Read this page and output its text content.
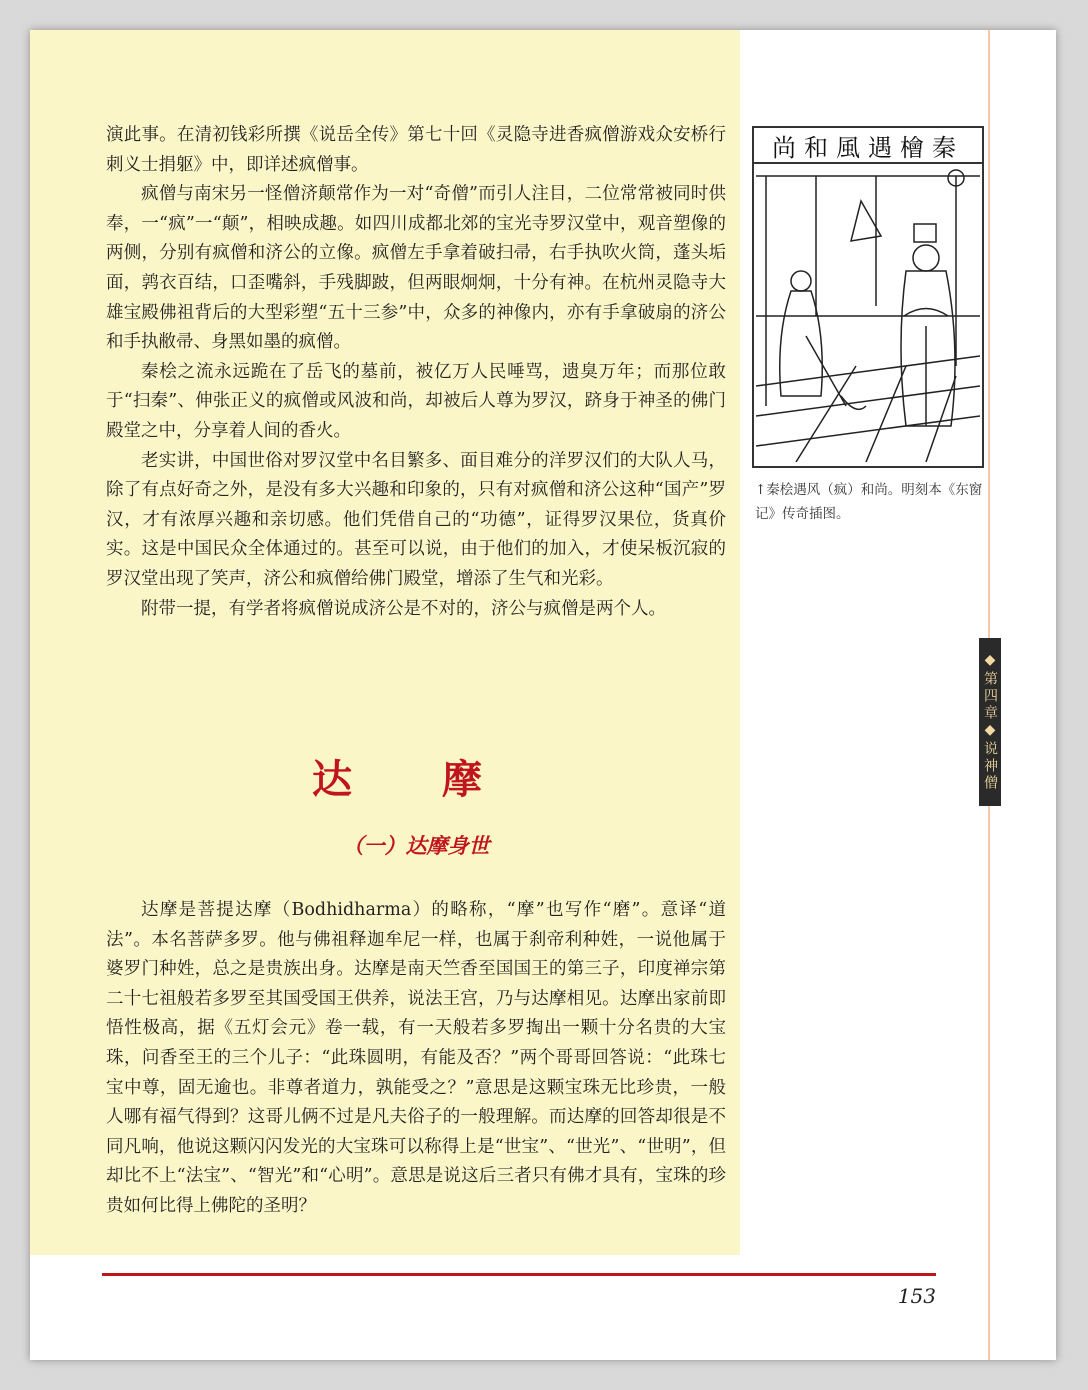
演此事。在清初钱彩所撰《说岳全传》第七十回《灵隐寺进香疯僧游戏众安桥行刺义士捐躯》中，即详述疯僧事。

疯僧与南宋另一怪僧济颠常作为一对“奇僧”而引人注目，二位常常被同时供奉，一“疯”一“颠”，相映成趣。如四川成都北郊的宝光寺罗汉堂中，观音塑像的两侧，分别有疯僧和济公的立像。疯僧左手拿着破扫帚，右手执吹火筒，蓬头垢面，鹑衣百结，口歪嘴斜，手残脚跛，但两眼炯炯，十分有神。在杭州灵隐寺大雄宝殿佛祖背后的大型彩塑“五十三参”中，众多的神像内，亦有手拿破扇的济公和手执敝帚、身黑如墨的疯僧。

秦桧之流永远跪在了岳飞的墓前，被亿万人民唾骂，遗臭万年；而那位敢于“扫秦”、伸张正义的疯僧或风波和尚，却被后人尊为罗汉，跻身于神圣的佛门殿堂之中，分享着人间的香火。

老实讲，中国世俗对罗汉堂中名目繁多、面目难分的洋罗汉们的大队人马，除了有点好奇之外，是没有多大兴趣和印象的，只有对疯僧和济公这种“国产”罗汉，才有浓厚兴趣和亲切感。他们凭借自己的“功德”，证得罗汉果位，货真价实。这是中国民众全体通过的。甚至可以说，由于他们的加入，才使呆板沉寂的罗汉堂出现了笑声，济公和疯僧给佛门殿堂，增添了生气和光彩。

附带一提，有学者将疯僧说成济公是不对的，济公与疯僧是两个人。

达 摩
（一）达摩身世

达摩是菩提达摩（Bodhidharma）的略称，“摩”也写作“磨”。意译“道法”。本名菩萨多罗。他与佛祖释迦牟尼一样，也属于刹帝利种姓，一说他属于婆罗门种姓，总之是贵族出身。达摩是南天竺香至国国王的第三子，印度禅宗第二十七祖般若多罗至其国受国王供养，说法王宫，乃与达摩相见。达摩出家前即悟性极高，据《五灯会元》卷一载，有一天般若多罗掏出一颗十分名贵的大宝珠，问香至王的三个儿子：“此珠圆明，有能及否？”两个哥哥回答说：“此珠七宝中尊，固无逾也。非尊者道力，孰能受之？”意思是这颗宝珠无比珍贵，一般人哪有福气得到？这哥儿俩不过是凡夫俗子的一般理解。而达摩的回答却很是不同凡响，他说这颗闪闪发光的大宝珠可以称得上是“世宝”、“世光”、“世明”，但却比不上“法宝”、“智光”和“心明”。意思是说这后三者只有佛才具有，宝珠的珍贵如何比得上佛陀的圣明？

秦檜遇風和尚
↑秦桧遇风（疯）和尚。明刻本《东窗记》传奇插图。
◆第四章◆说神僧
153
